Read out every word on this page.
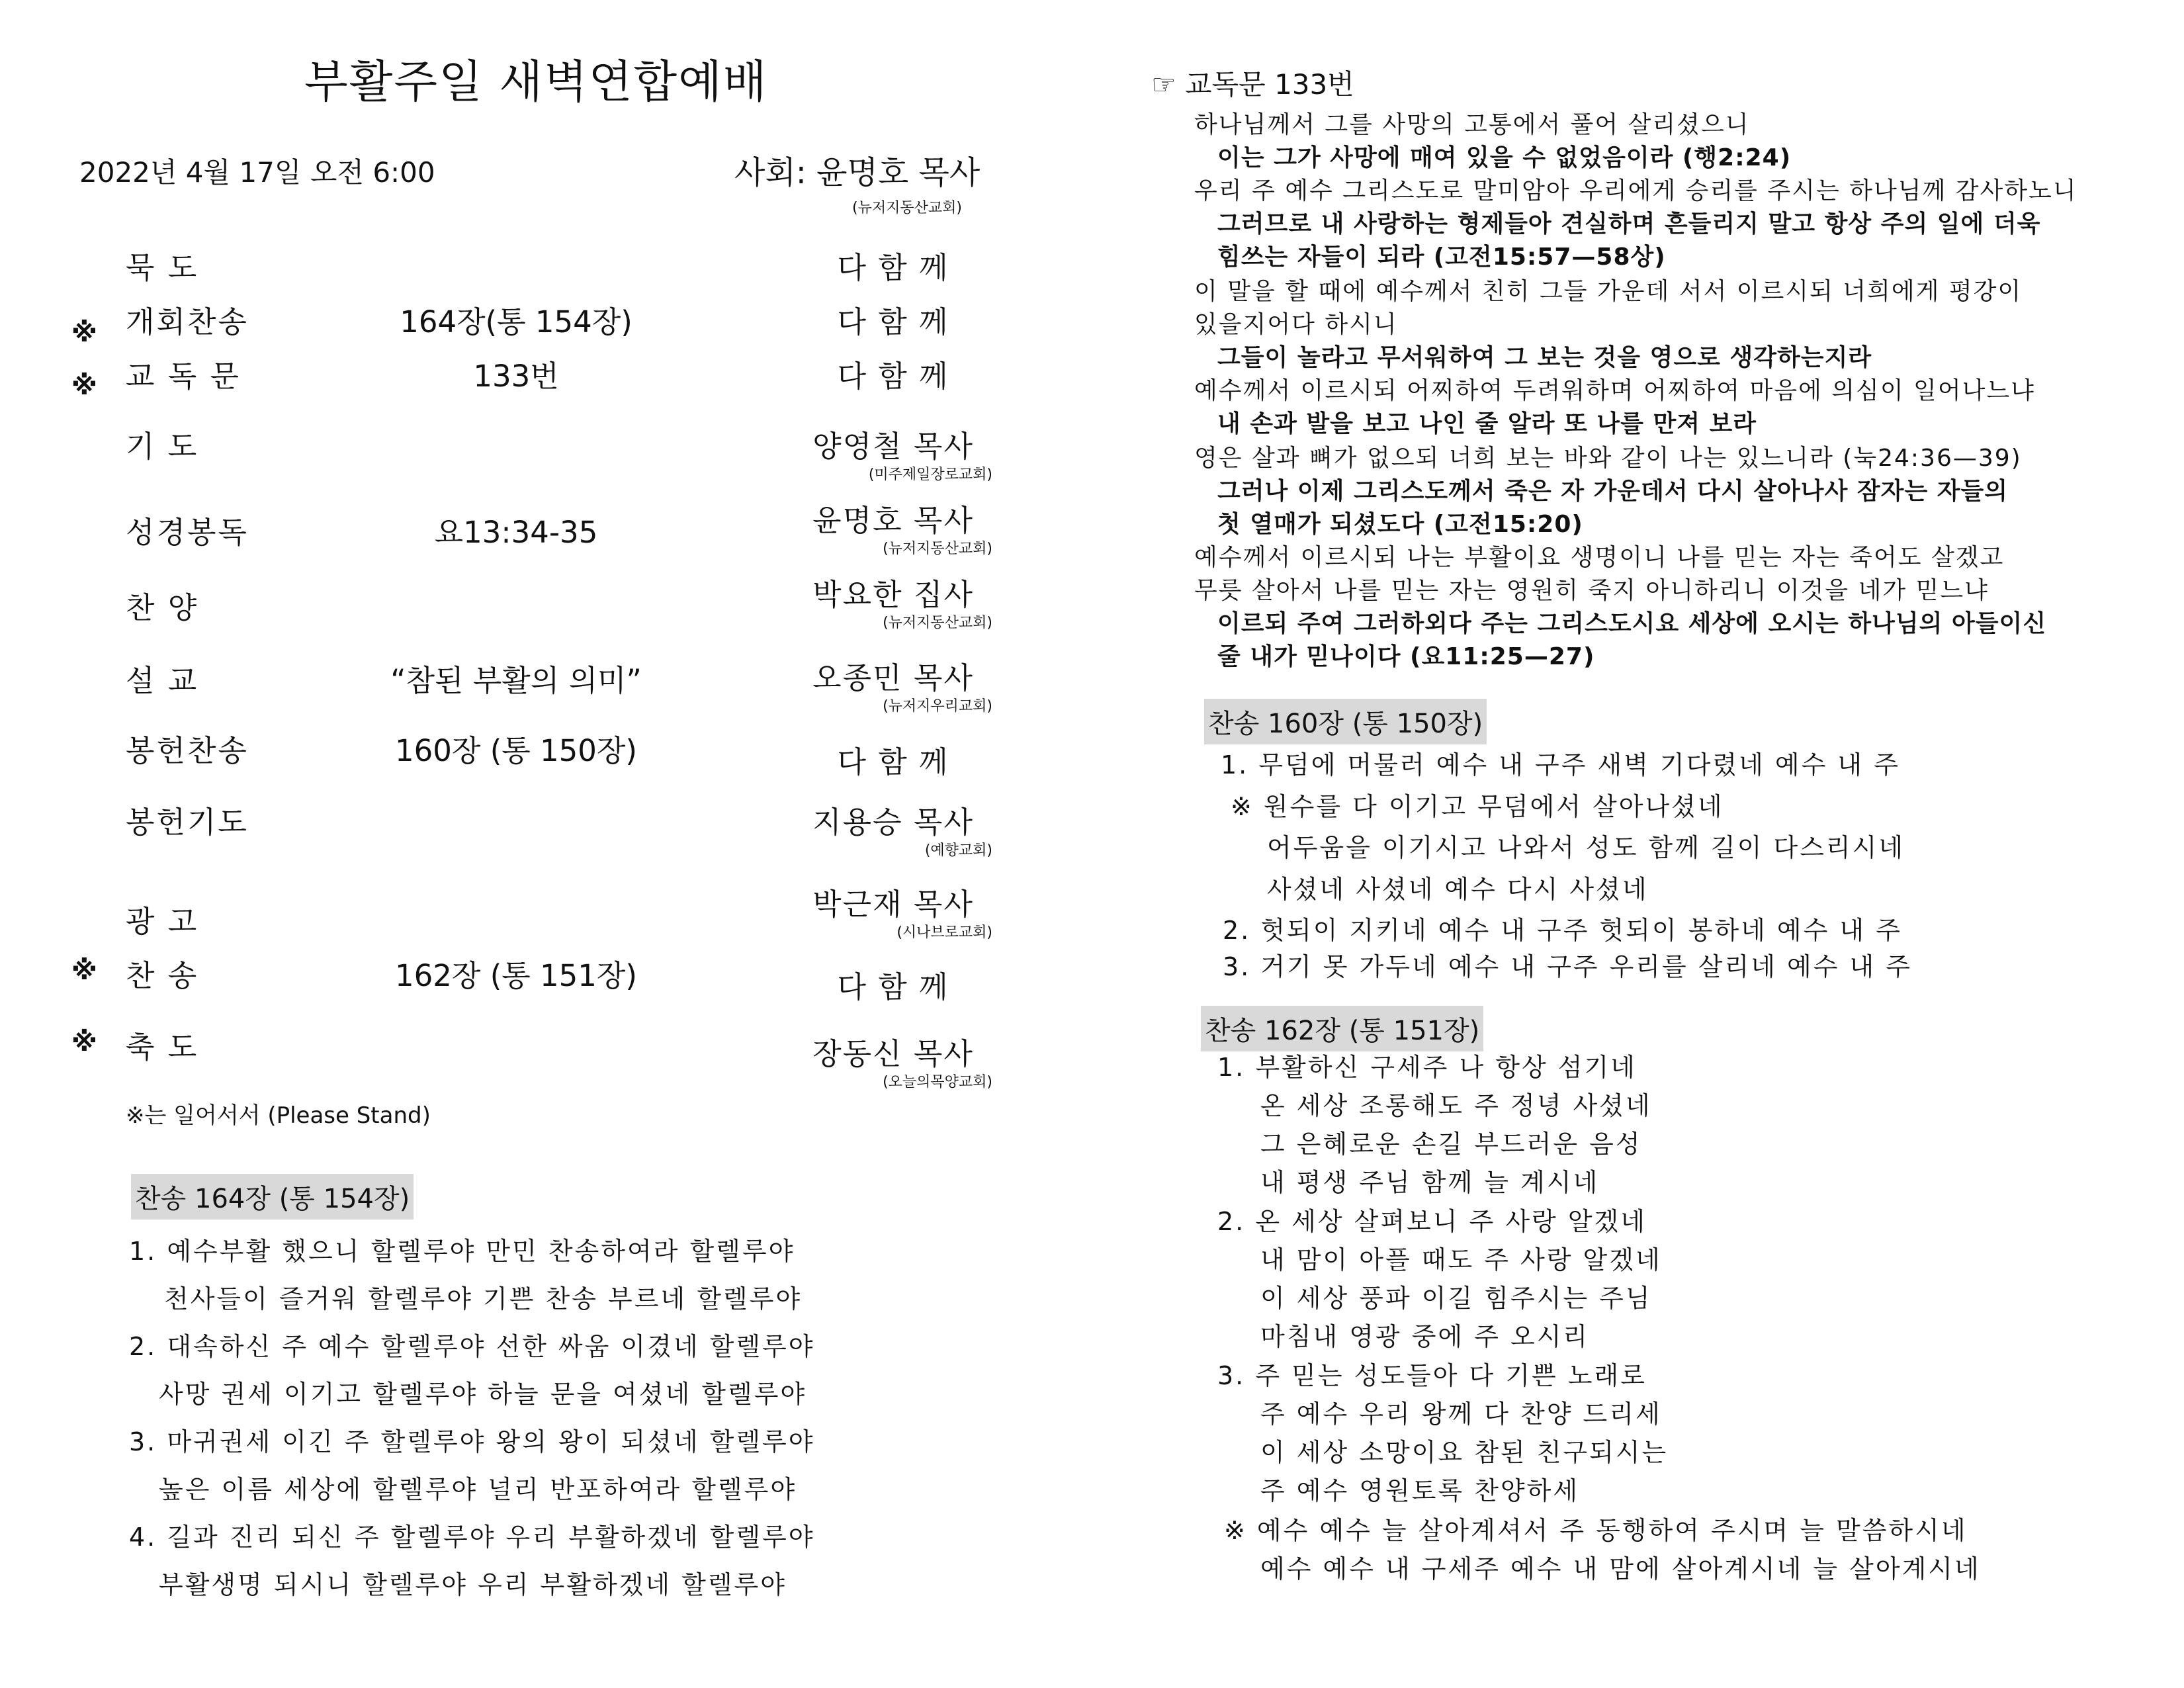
부활주일 새벽연합예배
2022년 4월 17일 오전 6:00	사회: 윤명호 목사
(뉴저지동산교회)
묵 도	다 함 께
※ 개회찬송	164장(통 154장)	다 함 께
※ 교 독 문	133번	다 함 께
기 도	양영철 목사
(미주제일장로교회)
성경봉독	요13:34-35	윤명호 목사
(뉴저지동산교회)
찬 양	박요한 집사
(뉴저지동산교회)
설 교	“참된 부활의 의미”	오종민 목사
(뉴저지우리교회)
봉헌찬송	160장 (통 150장)	다 함 께
봉헌기도	지용승 목사
(예향교회)
광 고	박근재 목사
(시나브로교회)
※ 찬 송	162장 (통 151장)	다 함 께
※ 축 도	장동신 목사
(오늘의목양교회)
※는 일어서서 (Please Stand)
찬송 164장 (통 154장)
1. 예수부활 했으니 할렐루야 만민 찬송하여라 할렐루야
천사들이 즐거워 할렐루야 기쁜 찬송 부르네 할렐루야
2. 대속하신 주 예수 할렐루야 선한 싸움 이겼네 할렐루야
사망 권세 이기고 할렐루야 하늘 문을 여셨네 할렐루야
3. 마귀권세 이긴 주 할렐루야 왕의 왕이 되셨네 할렐루야
높은 이름 세상에 할렐루야 널리 반포하여라 할렐루야
4. 길과 진리 되신 주 할렐루야 우리 부활하겠네 할렐루야
부활생명 되시니 할렐루야 우리 부활하겠네 할렐루야
☞ 교독문 133번
하나님께서 그를 사망의 고통에서 풀어 살리셨으니
이는 그가 사망에 매여 있을 수 없었음이라 (행2:24)
우리 주 예수 그리스도로 말미암아 우리에게 승리를 주시는 하나님께 감사하노니
그러므로 내 사랑하는 형제들아 견실하며 흔들리지 말고 항상 주의 일에 더욱
힘쓰는 자들이 되라 (고전15:57—58상)
이 말을 할 때에 예수께서 친히 그들 가운데 서서 이르시되 너희에게 평강이
있을지어다 하시니
그들이 놀라고 무서워하여 그 보는 것을 영으로 생각하는지라
예수께서 이르시되 어찌하여 두려워하며 어찌하여 마음에 의심이 일어나느냐
내 손과 발을 보고 나인 줄 알라 또 나를 만져 보라
영은 살과 뼈가 없으되 너희 보는 바와 같이 나는 있느니라 (눅24:36—39)
그러나 이제 그리스도께서 죽은 자 가운데서 다시 살아나사 잠자는 자들의
첫 열매가 되셨도다 (고전15:20)
예수께서 이르시되 나는 부활이요 생명이니 나를 믿는 자는 죽어도 살겠고
무릇 살아서 나를 믿는 자는 영원히 죽지 아니하리니 이것을 네가 믿느냐
이르되 주여 그러하외다 주는 그리스도시요 세상에 오시는 하나님의 아들이신
줄 내가 믿나이다 (요11:25—27)
찬송 160장 (통 150장)
1. 무덤에 머물러 예수 내 구주 새벽 기다렸네 예수 내 주
※ 원수를 다 이기고 무덤에서 살아나셨네
어두움을 이기시고 나와서 성도 함께 길이 다스리시네
사셨네 사셨네 예수 다시 사셨네
2. 헛되이 지키네 예수 내 구주 헛되이 봉하네 예수 내 주
3. 거기 못 가두네 예수 내 구주 우리를 살리네 예수 내 주
찬송 162장 (통 151장)
1. 부활하신 구세주 나 항상 섬기네
온 세상 조롱해도 주 정녕 사셨네
그 은혜로운 손길 부드러운 음성
내 평생 주님 함께 늘 계시네
2. 온 세상 살펴보니 주 사랑 알겠네
내 맘이 아플 때도 주 사랑 알겠네
이 세상 풍파 이길 힘주시는 주님
마침내 영광 중에 주 오시리
3. 주 믿는 성도들아 다 기쁜 노래로
주 예수 우리 왕께 다 찬양 드리세
이 세상 소망이요 참된 친구되시는
주 예수 영원토록 찬양하세
※ 예수 예수 늘 살아계셔서 주 동행하여 주시며 늘 말씀하시네
예수 예수 내 구세주 예수 내 맘에 살아계시네 늘 살아계시네
